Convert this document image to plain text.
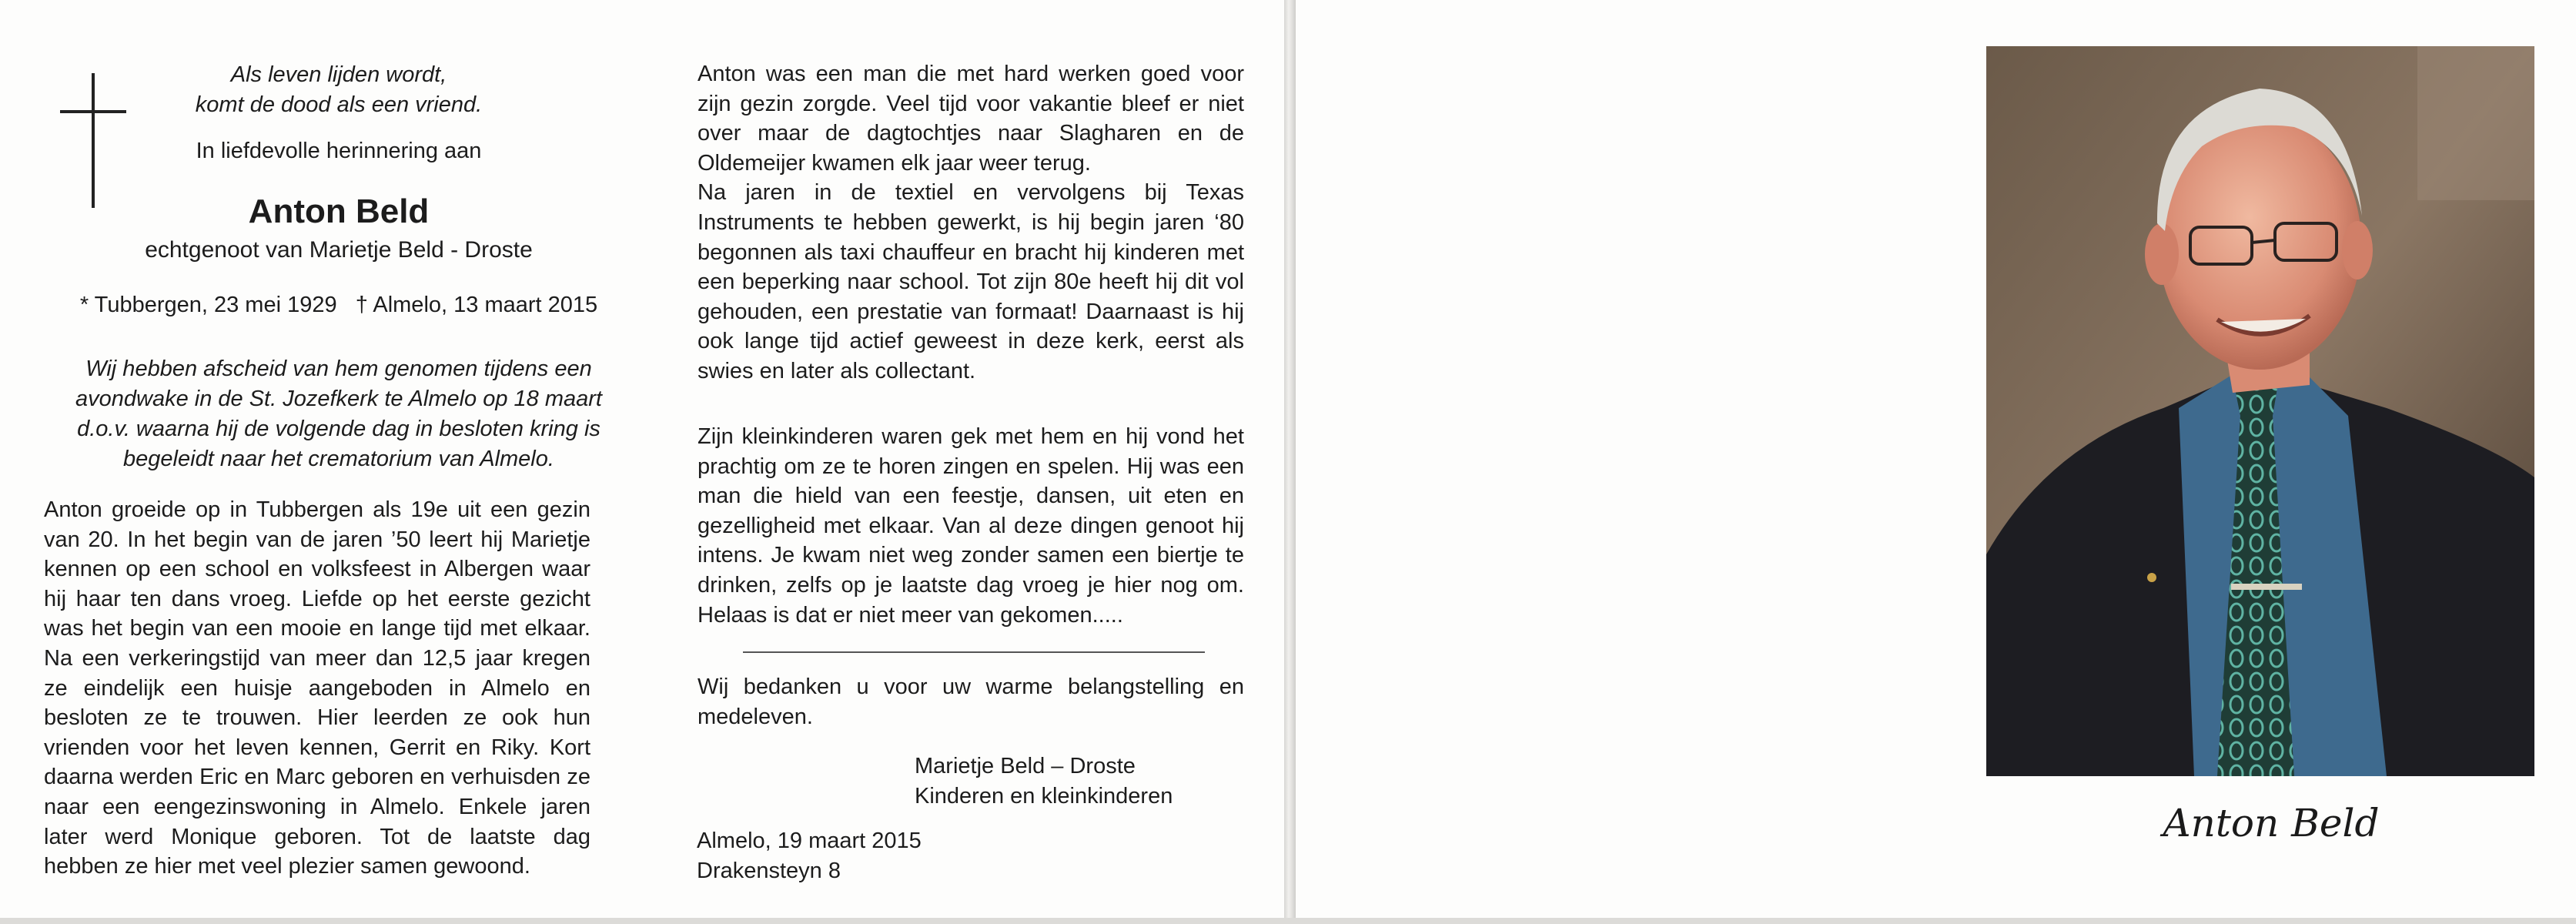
Als leven lijden wordt,
komt de dood als een vriend.
In liefdevolle herinnering aan
Anton Beld
echtgenoot van Marietje Beld - Droste
* Tubbergen, 23 mei 1929 † Almelo, 13 maart 2015
Wij hebben afscheid van hem genomen tijdens een
avondwake in de St. Jozefkerk te Almelo op 18 maart
d.o.v. waarna hij de volgende dag in besloten kring is
begeleidt naar het crematorium van Almelo.

Anton groeide op in Tubbergen als 19e uit een gezin van 20. In het begin van de jaren ’50 leert hij Marietje kennen op een school en volksfeest in Albergen waar hij haar ten dans vroeg. Liefde op het eerste gezicht was het begin van een mooie en lange tijd met elkaar. Na een verkeringstijd van meer dan 12,5 jaar kregen ze eindelijk een huisje aangeboden in Almelo en besloten ze te trouwen. Hier leerden ze ook hun vrienden voor het leven kennen, Gerrit en Riky. Kort daarna werden Eric en Marc geboren en verhuisden ze naar een eengezinswoning in Almelo. Enkele jaren later werd Monique geboren. Tot de laatste dag hebben ze hier met veel plezier samen gewoond.

Anton was een man die met hard werken goed voor zijn gezin zorgde. Veel tijd voor vakantie bleef er niet over maar de dagtochtjes naar Slagharen en de Oldemeijer kwamen elk jaar weer terug.

Na jaren in de textiel en vervolgens bij Texas Instruments te hebben gewerkt, is hij begin jaren ‘80 begonnen als taxi chauffeur en bracht hij kinderen met een beperking naar school. Tot zijn 80e heeft hij dit vol gehouden, een prestatie van formaat! Daarnaast is hij ook lange tijd actief geweest in deze kerk, eerst als swies en later als collectant.

Zijn kleinkinderen waren gek met hem en hij vond het prachtig om ze te horen zingen en spelen. Hij was een man die hield van een feestje, dansen, uit eten en gezelligheid met elkaar. Van al deze dingen genoot hij intens. Je kwam niet weg zonder samen een biertje te drinken, zelfs op je laatste dag vroeg je hier nog om. Helaas is dat er niet meer van gekomen.....

Wij bedanken u voor uw warme belangstelling en medeleven.

Marietje Beld – Droste
Kinderen en kleinkinderen
Almelo, 19 maart 2015
Drakensteyn 8
Anton Beld
